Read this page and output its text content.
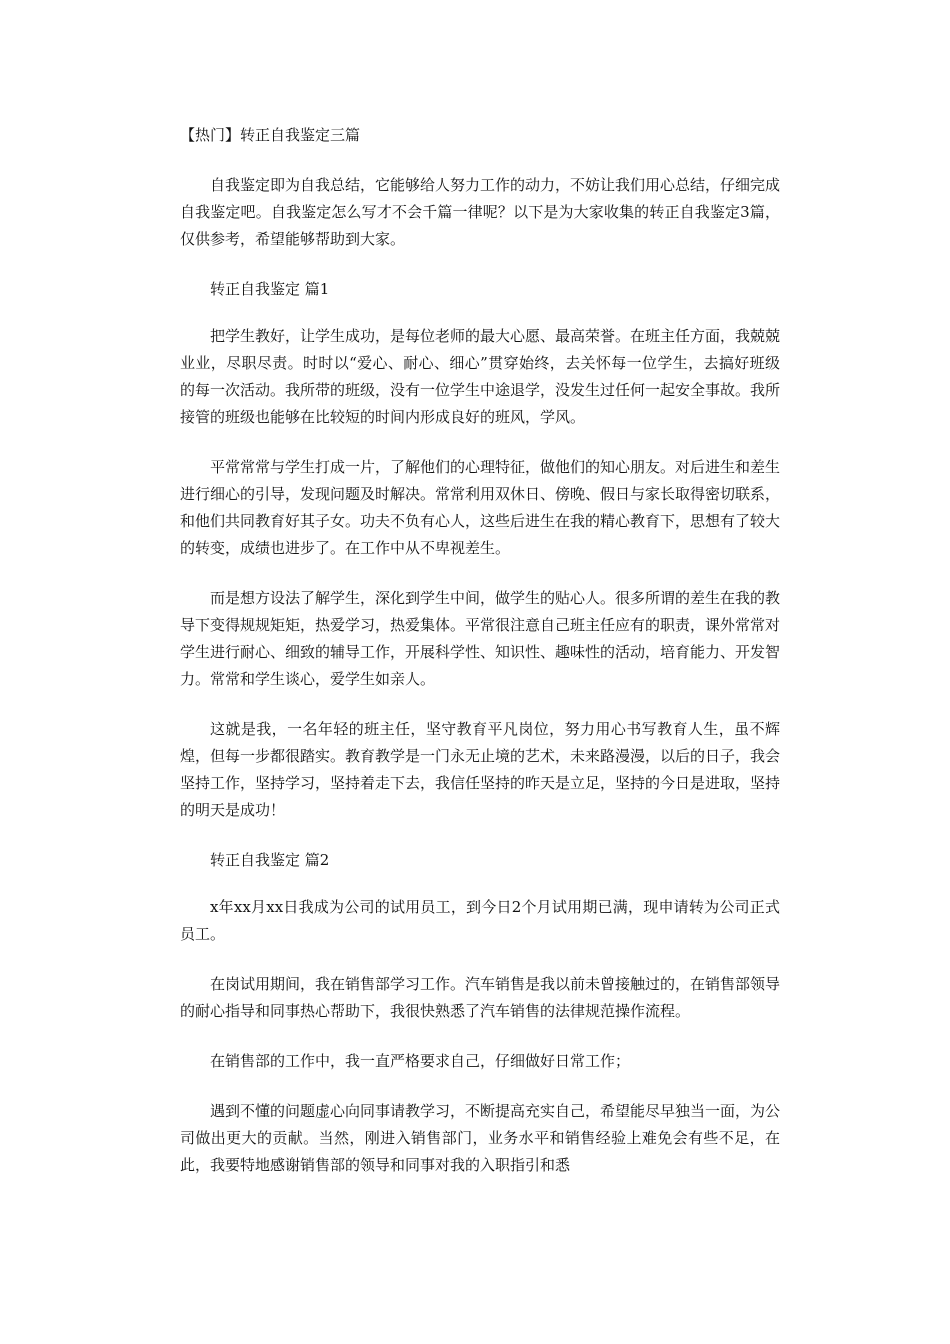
【热门】转正自我鉴定三篇

自我鉴定即为自我总结，它能够给人努力工作的动力，不妨让我们用心总结，仔细完成自我鉴定吧。自我鉴定怎么写才不会千篇一律呢？以下是为大家收集的转正自我鉴定3篇，仅供参考，希望能够帮助到大家。

转正自我鉴定 篇1

把学生教好，让学生成功，是每位老师的最大心愿、最高荣誉。在班主任方面，我兢兢业业，尽职尽责。时时以“爱心、耐心、细心”贯穿始终，去关怀每一位学生，去搞好班级的每一次活动。我所带的班级，没有一位学生中途退学，没发生过任何一起安全事故。我所接管的班级也能够在比较短的时间内形成良好的班风，学风。

平常常常与学生打成一片，了解他们的心理特征，做他们的知心朋友。对后进生和差生进行细心的引导，发现问题及时解决。常常利用双休日、傍晚、假日与家长取得密切联系，和他们共同教育好其子女。功夫不负有心人，这些后进生在我的精心教育下，思想有了较大的转变，成绩也进步了。在工作中从不卑视差生。

而是想方设法了解学生，深化到学生中间，做学生的贴心人。很多所谓的差生在我的教导下变得规规矩矩，热爱学习，热爱集体。平常很注意自己班主任应有的职责，课外常常对学生进行耐心、细致的辅导工作，开展科学性、知识性、趣味性的活动，培育能力、开发智力。常常和学生谈心，爱学生如亲人。

这就是我，一名年轻的班主任，坚守教育平凡岗位，努力用心书写教育人生，虽不辉煌，但每一步都很踏实。教育教学是一门永无止境的艺术，未来路漫漫，以后的日子，我会坚持工作，坚持学习，坚持着走下去，我信任坚持的昨天是立足，坚持的今日是进取，坚持的明天是成功！

转正自我鉴定 篇2

x年xx月xx日我成为公司的试用员工，到今日2个月试用期已满，现申请转为公司正式员工。

在岗试用期间，我在销售部学习工作。汽车销售是我以前未曾接触过的，在销售部领导的耐心指导和同事热心帮助下，我很快熟悉了汽车销售的法律规范操作流程。

在销售部的工作中，我一直严格要求自己，仔细做好日常工作；

遇到不懂的问题虚心向同事请教学习，不断提高充实自己，希望能尽早独当一面，为公司做出更大的贡献。当然，刚进入销售部门，业务水平和销售经验上难免会有些不足，在此，我要特地感谢销售部的领导和同事对我的入职指引和悉
